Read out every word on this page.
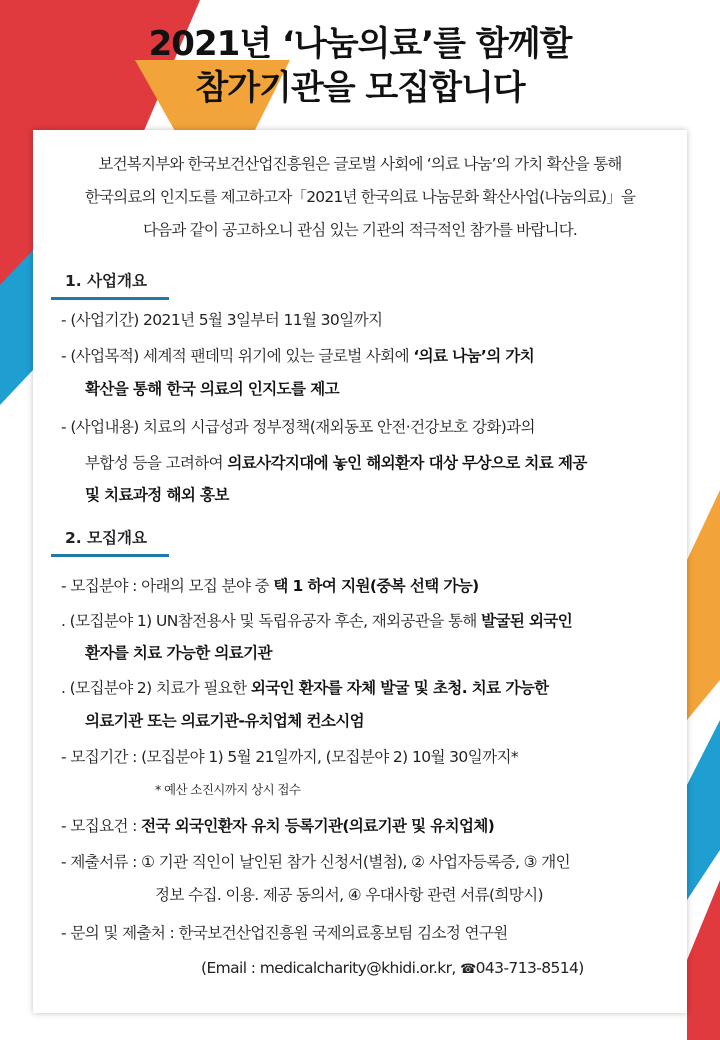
2021년 ‘나눔의료’를 함께할
참가기관을 모집합니다
보건복지부와 한국보건산업진흥원은 글로벌 사회에 ‘의료 나눔’의 가치 확산을 통해
한국의료의 인지도를 제고하고자「2021년 한국의료 나눔문화 확산사업(나눔의료)」을
다음과 같이 공고하오니 관심 있는 기관의 적극적인 참가를 바랍니다.
1. 사업개요
- (사업기간) 2021년 5월 3일부터 11월 30일까지
- (사업목적) 세계적 팬데믹 위기에 있는 글로벌 사회에 ‘의료 나눔’의 가치
확산을 통해 한국 의료의 인지도를 제고
- (사업내용) 치료의 시급성과 정부정책(재외동포 안전·건강보호 강화)과의
부합성 등을 고려하여 의료사각지대에 놓인 해외환자 대상 무상으로 치료 제공
및 치료과정 해외 홍보
2. 모집개요
- 모집분야 : 아래의 모집 분야 중 택 1 하여 지원(중복 선택 가능)
. (모집분야 1) UN참전용사 및 독립유공자 후손, 재외공관을 통해 발굴된 외국인
환자를 치료 가능한 의료기관
. (모집분야 2) 치료가 필요한 외국인 환자를 자체 발굴 및 초청. 치료 가능한
의료기관 또는 의료기관-유치업체 컨소시엄
- 모집기간 : (모집분야 1) 5월 21일까지, (모집분야 2) 10월 30일까지*
* 예산 소진시까지 상시 접수
- 모집요건 : 전국 외국인환자 유치 등록기관(의료기관 및 유치업체)
- 제출서류 : ① 기관 직인이 날인된 참가 신청서(별첨), ② 사업자등록증, ③ 개인
정보 수집. 이용. 제공 동의서, ④ 우대사항 관련 서류(희망시)
- 문의 및 제출처 : 한국보건산업진흥원 국제의료홍보팀 김소정 연구원
(Email : medicalcharity@khidi.or.kr, ☎043-713-8514)
